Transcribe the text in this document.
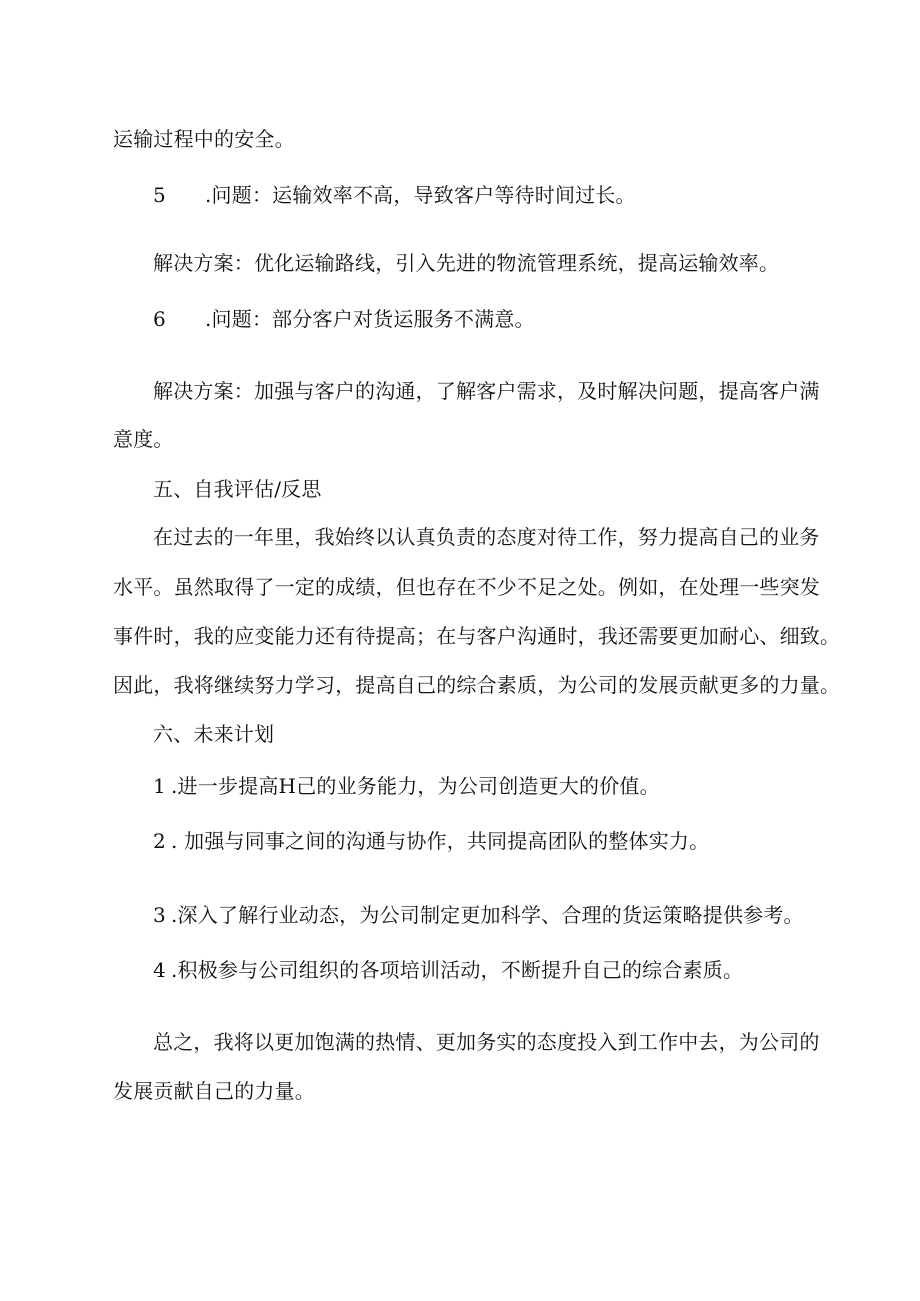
运输过程中的安全。
5 .问题：运输效率不高，导致客户等待时间过长。
解决方案：优化运输路线，引入先进的物流管理系统，提高运输效率。
6 .问题：部分客户对货运服务不满意。
解决方案：加强与客户的沟通，了解客户需求，及时解决问题，提高客户满
意度。
五、自我评估/反思
在过去的一年里，我始终以认真负责的态度对待工作，努力提高自己的业务
水平。虽然取得了一定的成绩，但也存在不少不足之处。例如，在处理一些突发
事件时，我的应变能力还有待提高；在与客户沟通时，我还需要更加耐心、细致。
因此，我将继续努力学习，提高自己的综合素质，为公司的发展贡献更多的力量。
六、未来计划
1 .进一步提高H己的业务能力，为公司创造更大的价值。
2 . 加强与同事之间的沟通与协作，共同提高团队的整体实力。
3 .深入了解行业动态，为公司制定更加科学、合理的货运策略提供参考。
4 .积极参与公司组织的各项培训活动，不断提升自己的综合素质。
总之，我将以更加饱满的热情、更加务实的态度投入到工作中去，为公司的
发展贡献自己的力量。
